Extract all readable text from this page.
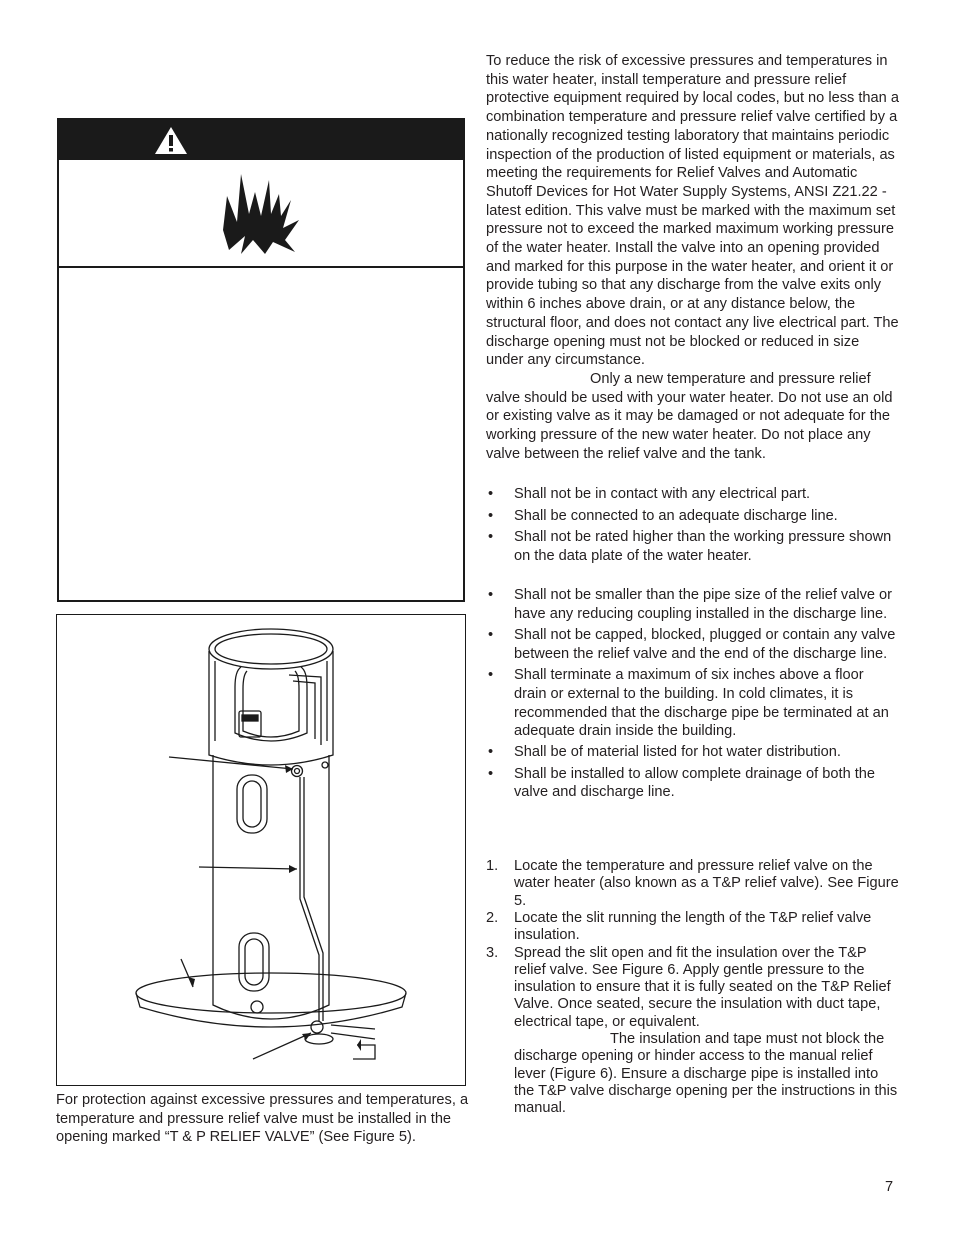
To reduce the risk of excessive pressures and temperatures in this water heater, install temperature and pressure relief protective equipment required by local codes, but no less than a combination temperature and pressure relief valve certified by a nationally recognized testing laboratory that maintains periodic inspection of the production of listed equipment or materials, as meeting the requirements for Relief Valves and Automatic Shutoff Devices for Hot Water Supply Systems, ANSI Z21.22 - latest edition. This valve must be marked with the maximum set pressure not to exceed the marked maximum working pressure of the water heater. Install the valve into an opening provided and marked for this purpose in the water heater, and orient it or provide tubing so that any discharge from the valve exits only within 6 inches above drain, or at any distance below, the structural floor, and does not contact any live electrical part. The discharge opening must not be blocked or reduced in size under any circumstance.

Only a new temperature and pressure relief valve should be used with your water heater. Do not use an old or existing valve as it may be damaged or not adequate for the working pressure of the new water heater. Do not place any valve between the relief valve and the tank.

• Shall not be in contact with any electrical part.
• Shall be connected to an adequate discharge line.
• Shall not be rated higher than the working pressure shown on the data plate of the water heater.
• Shall not be smaller than the pipe size of the relief valve or have any reducing coupling installed in the discharge line.
• Shall not be capped, blocked, plugged or contain any valve between the relief valve and the end of the discharge line.
• Shall terminate a maximum of six inches above a floor drain or external to the building. In cold climates, it is recommended that the discharge pipe be terminated at an adequate drain inside the building.
• Shall be of material listed for hot water distribution.
• Shall be installed to allow complete drainage of both the valve and discharge line.
1. Locate the temperature and pressure relief valve on the water heater (also known as a T&P relief valve). See Figure 5.
2. Locate the slit running the length of the T&P relief valve insulation.
3. Spread the slit open and fit the insulation over the T&P relief valve. See Figure 6. Apply gentle pressure to the insulation to ensure that it is fully seated on the T&P Relief Valve. Once seated, secure the insulation with duct tape, electrical tape, or equivalent.

The insulation and tape must not block the discharge opening or hinder access to the manual relief lever (Figure 6). Ensure a discharge pipe is installed into the T&P valve discharge opening per the instructions in this manual.

For protection against excessive pressures and temperatures, a temperature and pressure relief valve must be installed in the opening marked “T & P RELIEF VALVE” (See Figure 5).
7
